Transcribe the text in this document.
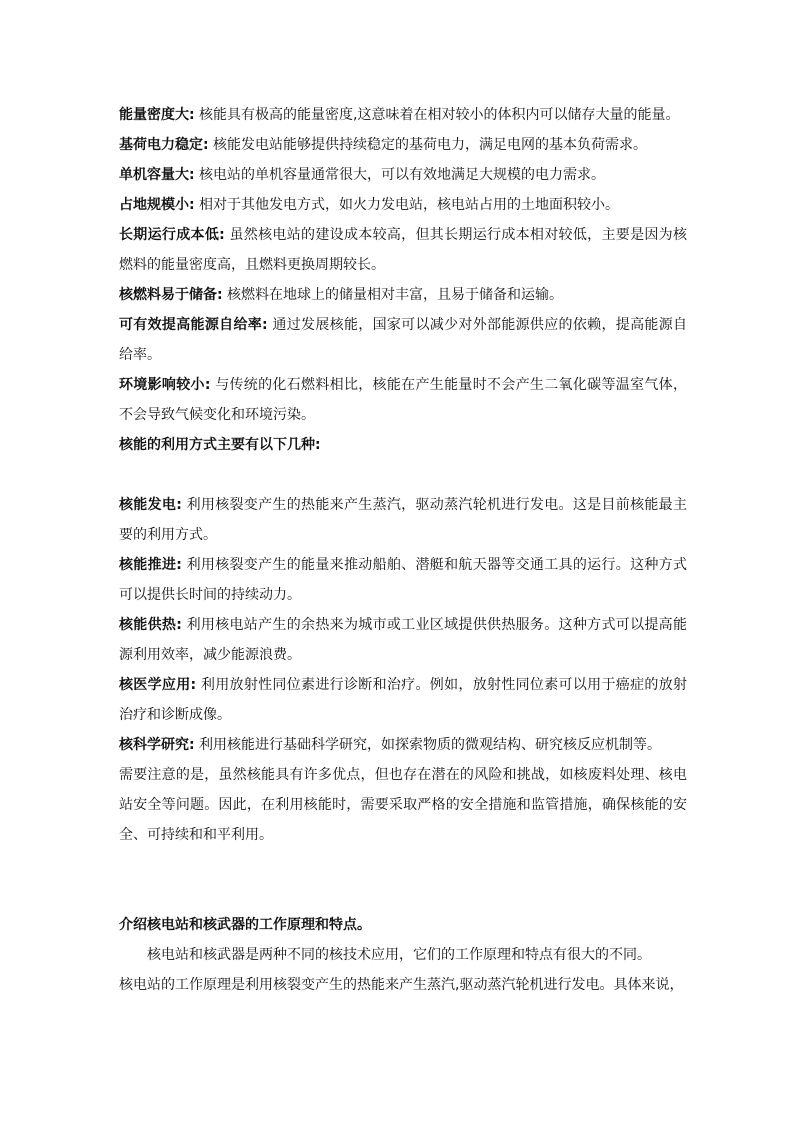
能量密度大: 核能具有极高的能量密度,这意味着在相对较小的体积内可以储存大量的能量。

基荷电力稳定: 核能发电站能够提供持续稳定的基荷电力，满足电网的基本负荷需求。

单机容量大: 核电站的单机容量通常很大，可以有效地满足大规模的电力需求。

占地规模小: 相对于其他发电方式，如火力发电站，核电站占用的土地面积较小。

长期运行成本低: 虽然核电站的建设成本较高，但其长期运行成本相对较低，主要是因为核燃料的能量密度高，且燃料更换周期较长。

核燃料易于储备: 核燃料在地球上的储量相对丰富，且易于储备和运输。

可有效提高能源自给率: 通过发展核能，国家可以减少对外部能源供应的依赖，提高能源自给率。

环境影响较小: 与传统的化石燃料相比，核能在产生能量时不会产生二氧化碳等温室气体，不会导致气候变化和环境污染。

核能的利用方式主要有以下几种:

核能发电: 利用核裂变产生的热能来产生蒸汽，驱动蒸汽轮机进行发电。这是目前核能最主要的利用方式。

核能推进: 利用核裂变产生的能量来推动船舶、潜艇和航天器等交通工具的运行。这种方式可以提供长时间的持续动力。

核能供热: 利用核电站产生的余热来为城市或工业区域提供供热服务。这种方式可以提高能源利用效率，减少能源浪费。

核医学应用: 利用放射性同位素进行诊断和治疗。例如，放射性同位素可以用于癌症的放射治疗和诊断成像。

核科学研究: 利用核能进行基础科学研究，如探索物质的微观结构、研究核反应机制等。

需要注意的是，虽然核能具有许多优点，但也存在潜在的风险和挑战，如核废料处理、核电站安全等问题。因此，在利用核能时，需要采取严格的安全措施和监管措施，确保核能的安全、可持续和和平利用。

介绍核电站和核武器的工作原理和特点。

核电站和核武器是两种不同的核技术应用，它们的工作原理和特点有很大的不同。

核电站的工作原理是利用核裂变产生的热能来产生蒸汽,驱动蒸汽轮机进行发电。具体来说，
